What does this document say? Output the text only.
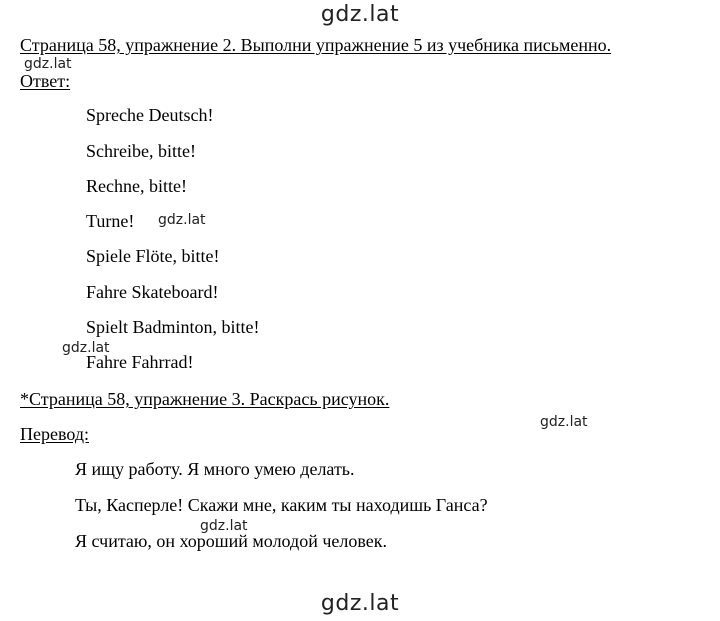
gdz.lat
Страница 58, упражнение 2. Выполни упражнение 5 из учебника письменно.
gdz.lat
Ответ:
Spreche Deutsch!
Schreibe, bitte!
Rechne, bitte!
Turne! gdz.lat
Spiele Flöte, bitte!
Fahre Skateboard!
Spielt Badminton, bitte!
gdz.lat
Fahre Fahrrad!
*Страница 58, упражнение 3. Раскрась рисунок.
gdz.lat
Перевод:
Я ищу работу. Я много умею делать.
Ты, Касперле! Скажи мне, каким ты находишь Ганса?
gdz.lat
Я считаю, он хороший молодой человек.
gdz.lat
